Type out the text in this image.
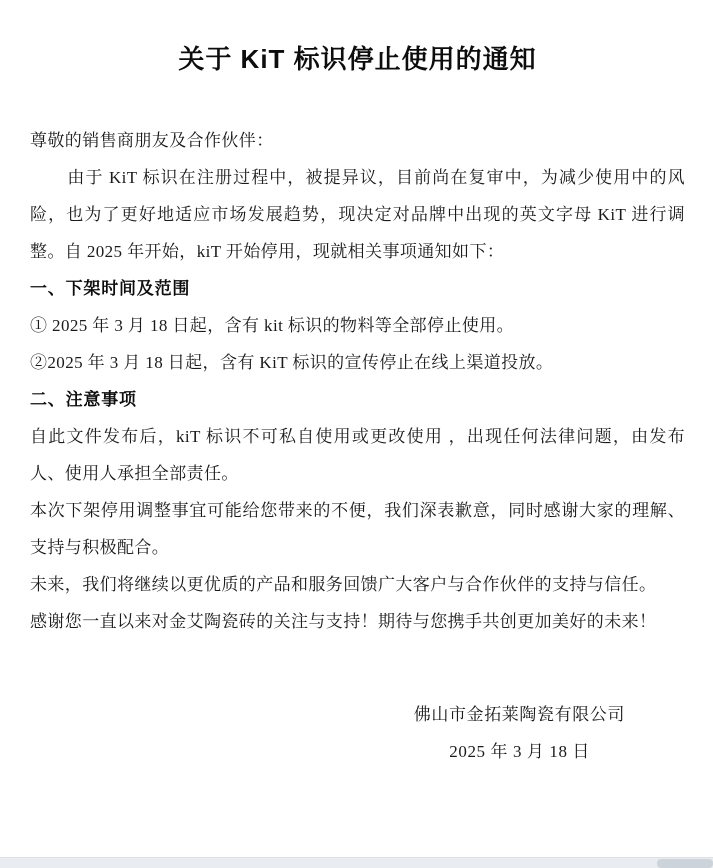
关于 KiT 标识停止使用的通知
尊敬的销售商朋友及合作伙伴：
由于 KiT 标识在注册过程中，被提异议，目前尚在复审中，为减少使用中的风险，也为了更好地适应市场发展趋势，现决定对品牌中出现的英文字母 KiT 进行调整。自 2025 年开始，kiT 开始停用，现就相关事项通知如下：
一、下架时间及范围
① 2025 年 3 月 18 日起，含有 kit 标识的物料等全部停止使用。
②2025 年 3 月 18 日起，含有 KiT 标识的宣传停止在线上渠道投放。
二、注意事项
自此文件发布后，kiT 标识不可私自使用或更改使用 ，出现任何法律问题，由发布人、使用人承担全部责任。
本次下架停用调整事宜可能给您带来的不便，我们深表歉意，同时感谢大家的理解、支持与积极配合。
未来，我们将继续以更优质的产品和服务回馈广大客户与合作伙伴的支持与信任。
感谢您一直以来对金艾陶瓷砖的关注与支持！期待与您携手共创更加美好的未来！
佛山市金拓莱陶瓷有限公司
2025 年 3 月 18 日
